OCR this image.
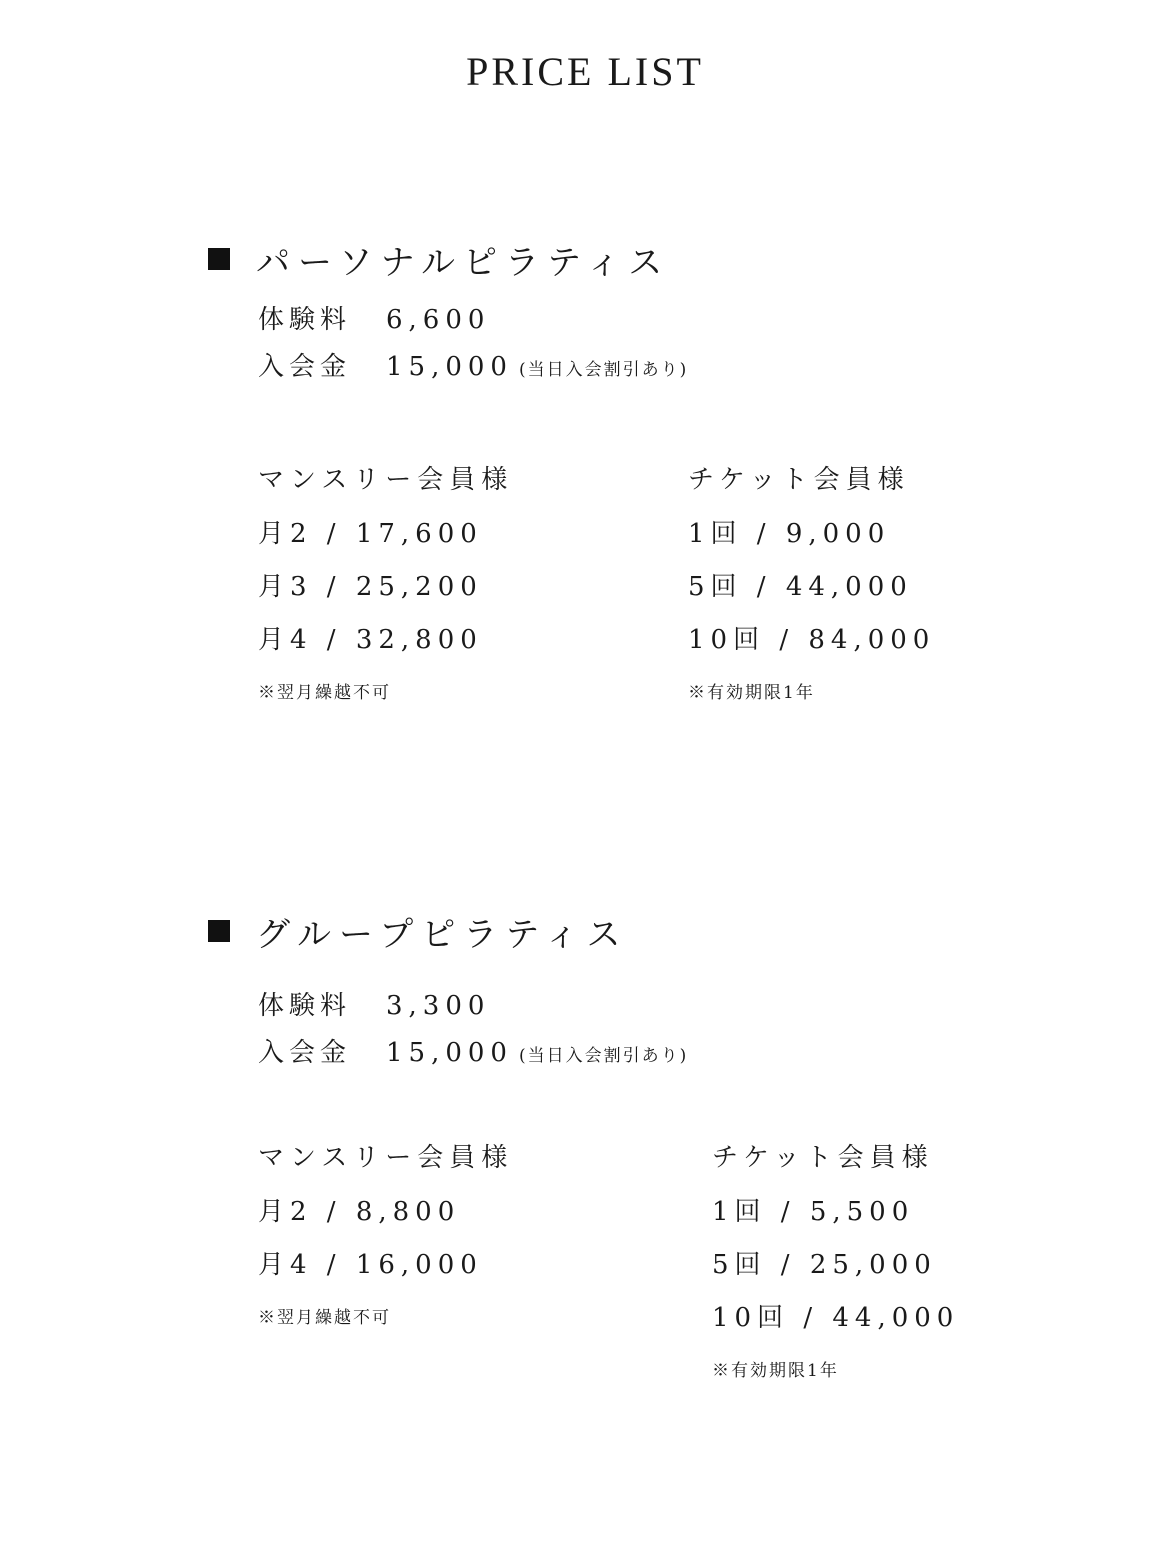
PRICE LIST
パーソナルピラティス
体験料	6,600
入会金	15,000 (当日入会割引あり)
マンスリー会員様
月2 / 17,600
月3 / 25,200
月4 / 32,800
※翌月繰越不可
チケット会員様
1回 / 9,000
5回 / 44,000
10回 / 84,000
※有効期限1年
グループピラティス
体験料	3,300
入会金	15,000 (当日入会割引あり)
マンスリー会員様
月2 / 8,800
月4 / 16,000
※翌月繰越不可
チケット会員様
1回 / 5,500
5回 / 25,000
10回 / 44,000
※有効期限1年
